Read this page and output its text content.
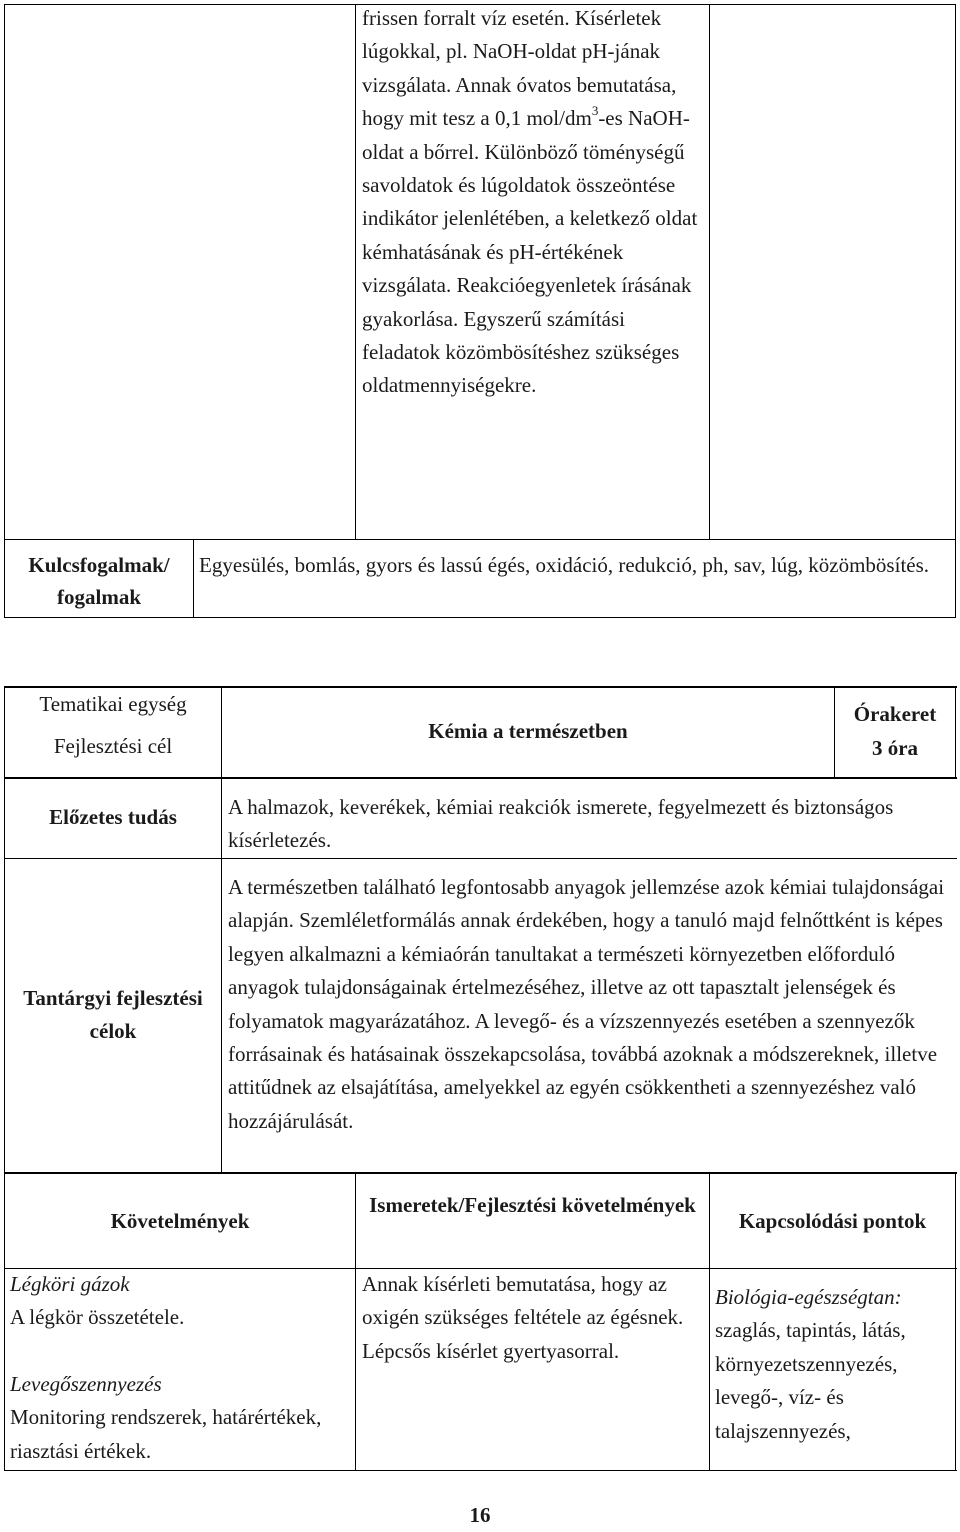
frissen forralt víz esetén. Kísérletek lúgokkal, pl. NaOH-oldat pH-jának vizsgálata. Annak óvatos bemutatása, hogy mit tesz a 0,1 mol/$dm^3-es$ NaOH-oldat a bőrrel. Különböző töménységű savoldatok és lúgoldatok összeöntése indikátor jelenlétében, a keletkező oldat kémhatásának és pH-értékének vizsgálata. Reakcióegyenletek írásának gyakorlása. Egyszerű számítási feladatok közömbösítéshez szükséges oldatmennyiségekre.

Kulcsfogalmak/ fogalmak
Egyesülés, bomlás, gyors és lassú égés, oxidáció, redukció, ph, sav, lúg, közömbösítés.
Tematikai egység
Fejlesztési cél
Kémia a természetben
Órakeret
3 óra
Előzetes tudás	A halmazok, keverékek, kémiai reakciók ismerete, fegyelmezett és biztonságos kísérletezés.
Tantárgyi fejlesztési célok
A természetben található legfontosabb anyagok jellemzése azok kémiai tulajdonságai alapján. Szemléletformálás annak érdekében, hogy a tanuló majd felnőttként is képes legyen alkalmazni a kémiaórán tanultakat a természeti környezetben előforduló anyagok tulajdonságainak értelmezéséhez, illetve az ott tapasztalt jelenségek és folyamatok magyarázatához. A levegő- és a vízszennyezés esetében a szennyezők forrásainak és hatásainak összekapcsolása, továbbá azoknak a módszereknek, illetve attitűdnek az elsajátítása, amelyekkel az egyén csökkentheti a szennyezéshez való hozzájárulását.
Követelmények
Ismeretek/Fejlesztési követelmények
Kapcsolódási pontok
Légköri gázok
A légkör összetétele.
Levegőszennyezés
Monitoring rendszerek, határértékek, riasztási értékek.
Annak kísérleti bemutatása, hogy az oxigén szükséges feltétele az égésnek. Lépcsős kísérlet gyertyasorral.
Biológia-egészségtan:
szaglás, tapintás, látás, környezetszennyezés, levegő-, víz- és talajszennyezés,
16
